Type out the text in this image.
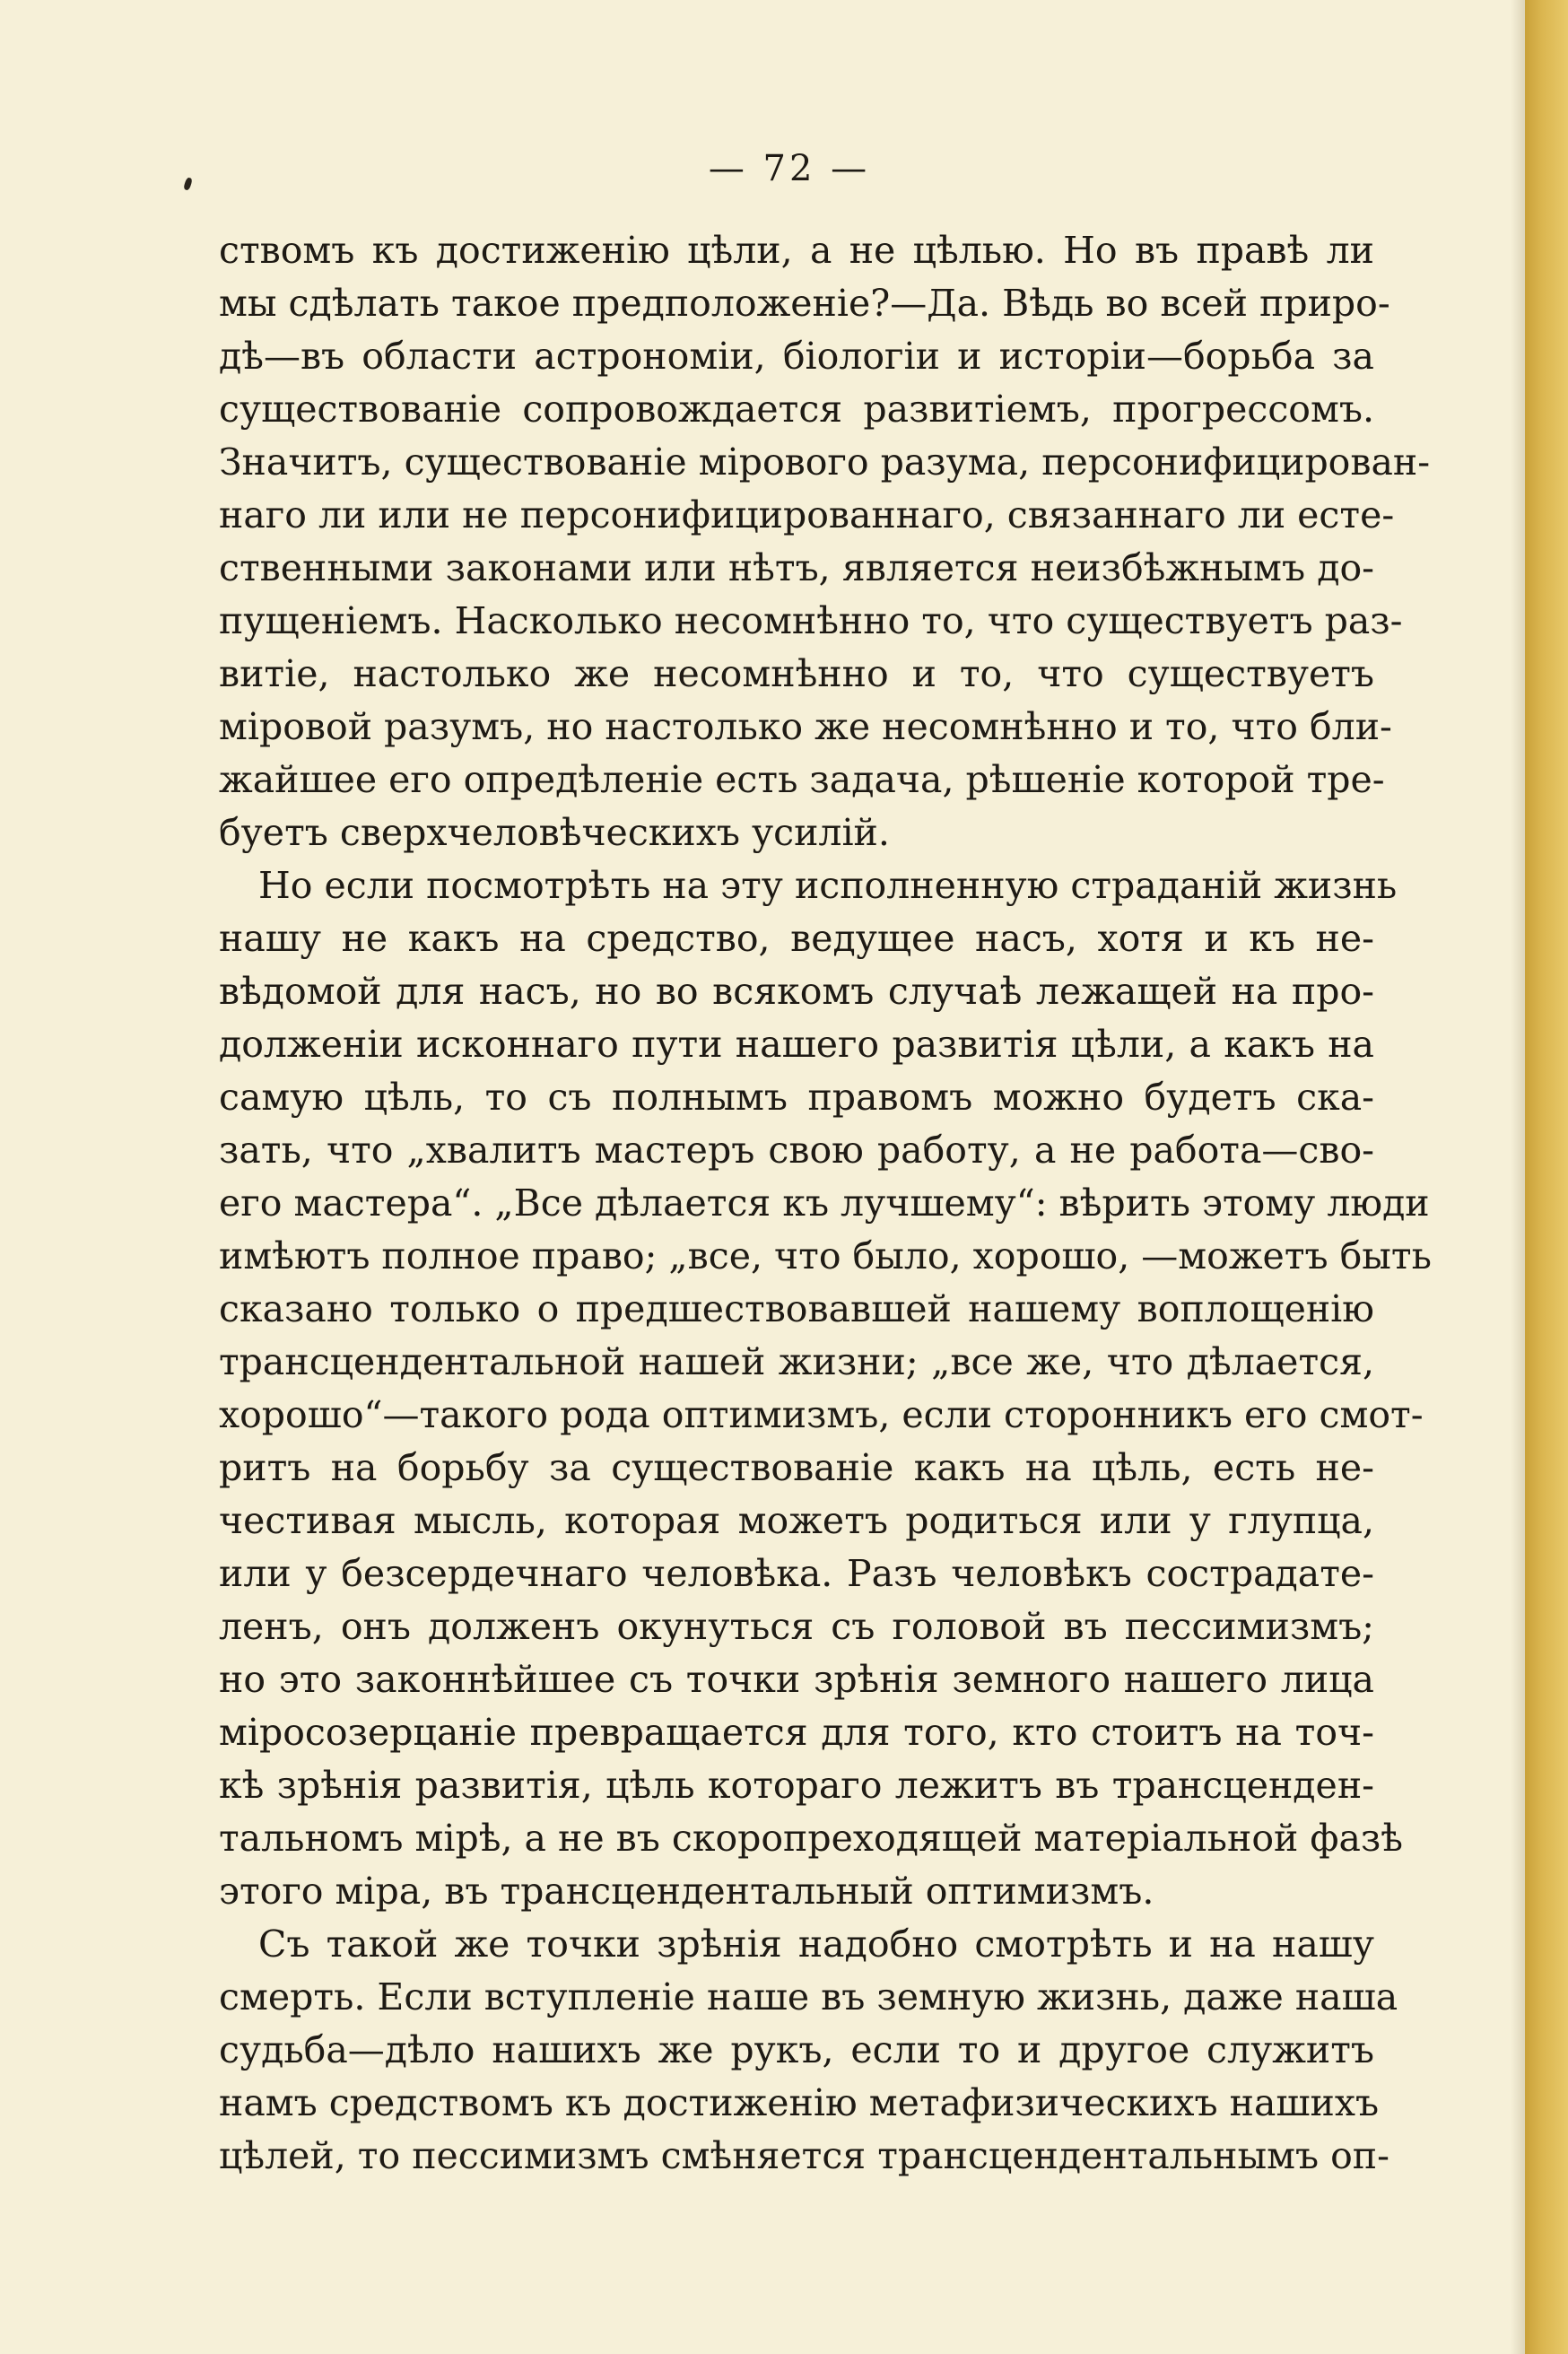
— 72 —
ствомъ къ достиженію цѣли, а не цѣлью. Но въ правѣ ли
мы сдѣлать такое предположеніе?—Да. Вѣдь во всей приро-
дѣ—въ области астрономіи, біологіи и исторіи—борьба за
существованіе сопровождается развитіемъ, прогрессомъ.
Значитъ, существованіе мірового разума, персонифицирован-
наго ли или не персонифицированнаго, связаннаго ли есте-
ственными законами или нѣтъ, является неизбѣжнымъ до-
пущеніемъ. Насколько несомнѣнно то, что существуетъ раз-
витіе, настолько же несомнѣнно и то, что существуетъ
міровой разумъ, но настолько же несомнѣнно и то, что бли-
жайшее его опредѣленіе есть задача, рѣшеніе которой тре-
буетъ сверхчеловѣческихъ усилій.
Но если посмотрѣть на эту исполненную страданій жизнь
нашу не какъ на средство, ведущее насъ, хотя и къ не-
вѣдомой для насъ, но во всякомъ случаѣ лежащей на про-
долженіи исконнаго пути нашего развитія цѣли, а какъ на
самую цѣль, то съ полнымъ правомъ можно будетъ ска-
зать, что „хвалитъ мастеръ свою работу, а не работа—сво-
его мастера“. „Все дѣлается къ лучшему“: вѣрить этому люди
имѣютъ полное право; „все, что было, хорошо, —можетъ быть
сказано только о предшествовавшей нашему воплощенію
трансцендентальной нашей жизни; „все же, что дѣлается,
хорошо“—такого рода оптимизмъ, если сторонникъ его смот-
ритъ на борьбу за существованіе какъ на цѣль, есть не-
честивая мысль, которая можетъ родиться или у глупца,
или у безсердечнаго человѣка. Разъ человѣкъ сострадате-
ленъ, онъ долженъ окунуться съ головой въ пессимизмъ;
но это законнѣйшее съ точки зрѣнія земного нашего лица
міросозерцаніе превращается для того, кто стоитъ на точ-
кѣ зрѣнія развитія, цѣль котораго лежитъ въ трансценден-
тальномъ мірѣ, а не въ скоропреходящей матеріальной фазѣ
этого міра, въ трансцендентальный оптимизмъ.
Съ такой же точки зрѣнія надобно смотрѣть и на нашу
смерть. Если вступленіе наше въ земную жизнь, даже наша
судьба—дѣло нашихъ же рукъ, если то и другое служитъ
намъ средствомъ къ достиженію метафизическихъ нашихъ
цѣлей, то пессимизмъ смѣняется трансцендентальнымъ оп-
